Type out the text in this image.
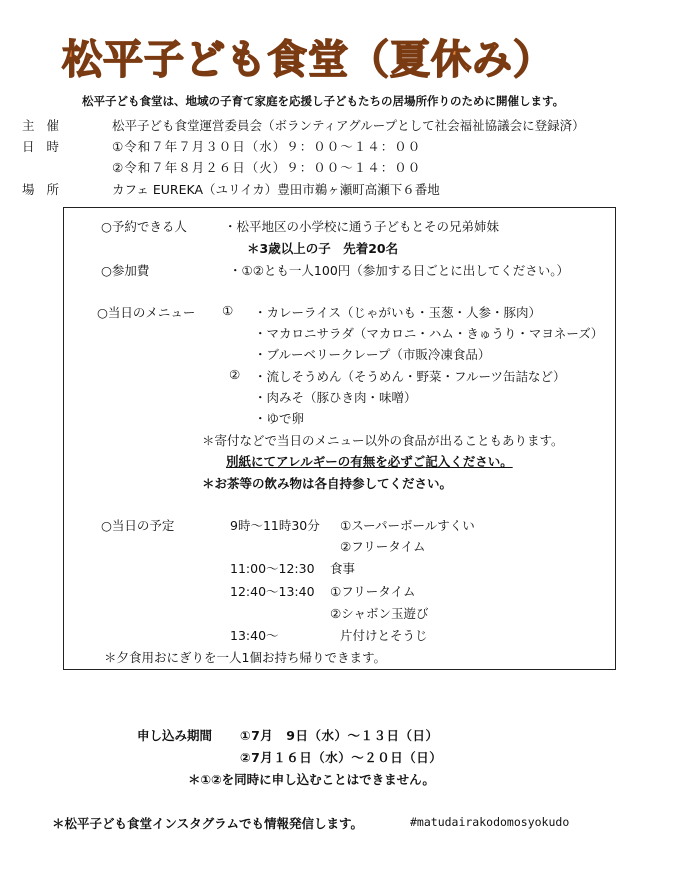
松平子ども食堂（夏休み）
松平子ども食堂は、地域の子育て家庭を応援し子どもたちの居場所作りのために開催します。
主催	松平子ども食堂運営委員会（ボランティアグループとして社会福祉協議会に登録済）
日時	①令和７年７月３０日（水）９：００～１４：００
②令和７年８月２６日（火）９：００～１４：００
場所	カフェ EUREKA（ユリイカ）豊田市鵜ヶ瀬町高瀬下６番地
○予約できる人	・松平地区の小学校に通う子どもとその兄弟姉妹
＊3歳以上の子　先着20名
○参加費	・①②とも一人100円（参加する日ごとに出してください。）
○当日のメニュー ① ・カレーライス（じゃがいも・玉葱・人参・豚肉）
・マカロニサラダ（マカロニ・ハム・きゅうり・マヨネーズ）
・ブルーベリークレープ（市販冷凍食品）
② ・流しそうめん（そうめん・野菜・フルーツ缶詰など）
・肉みそ（豚ひき肉・味噌）
・ゆで卵
＊寄付などで当日のメニュー以外の食品が出ることもあります。
別紙にてアレルギーの有無を必ずご記入ください。
＊お茶等の飲み物は各自持参してください。
○当日の予定	9時～11時30分 ①スーパーボールすくい
②フリータイム
11:00～12:30 食事
12:40～13:40 ①フリータイム
②シャボン玉遊び
13:40～	片付けとそうじ
＊夕食用おにぎりを一人1個お持ち帰りできます。
申し込み期間 ①7月　9日（水）～１３日（日）
②7月１６日（水）～２０日（日）
＊①②を同時に申し込むことはできません。
＊松平子ども食堂インスタグラムでも情報発信します。	#matudairakodomosyokudo
